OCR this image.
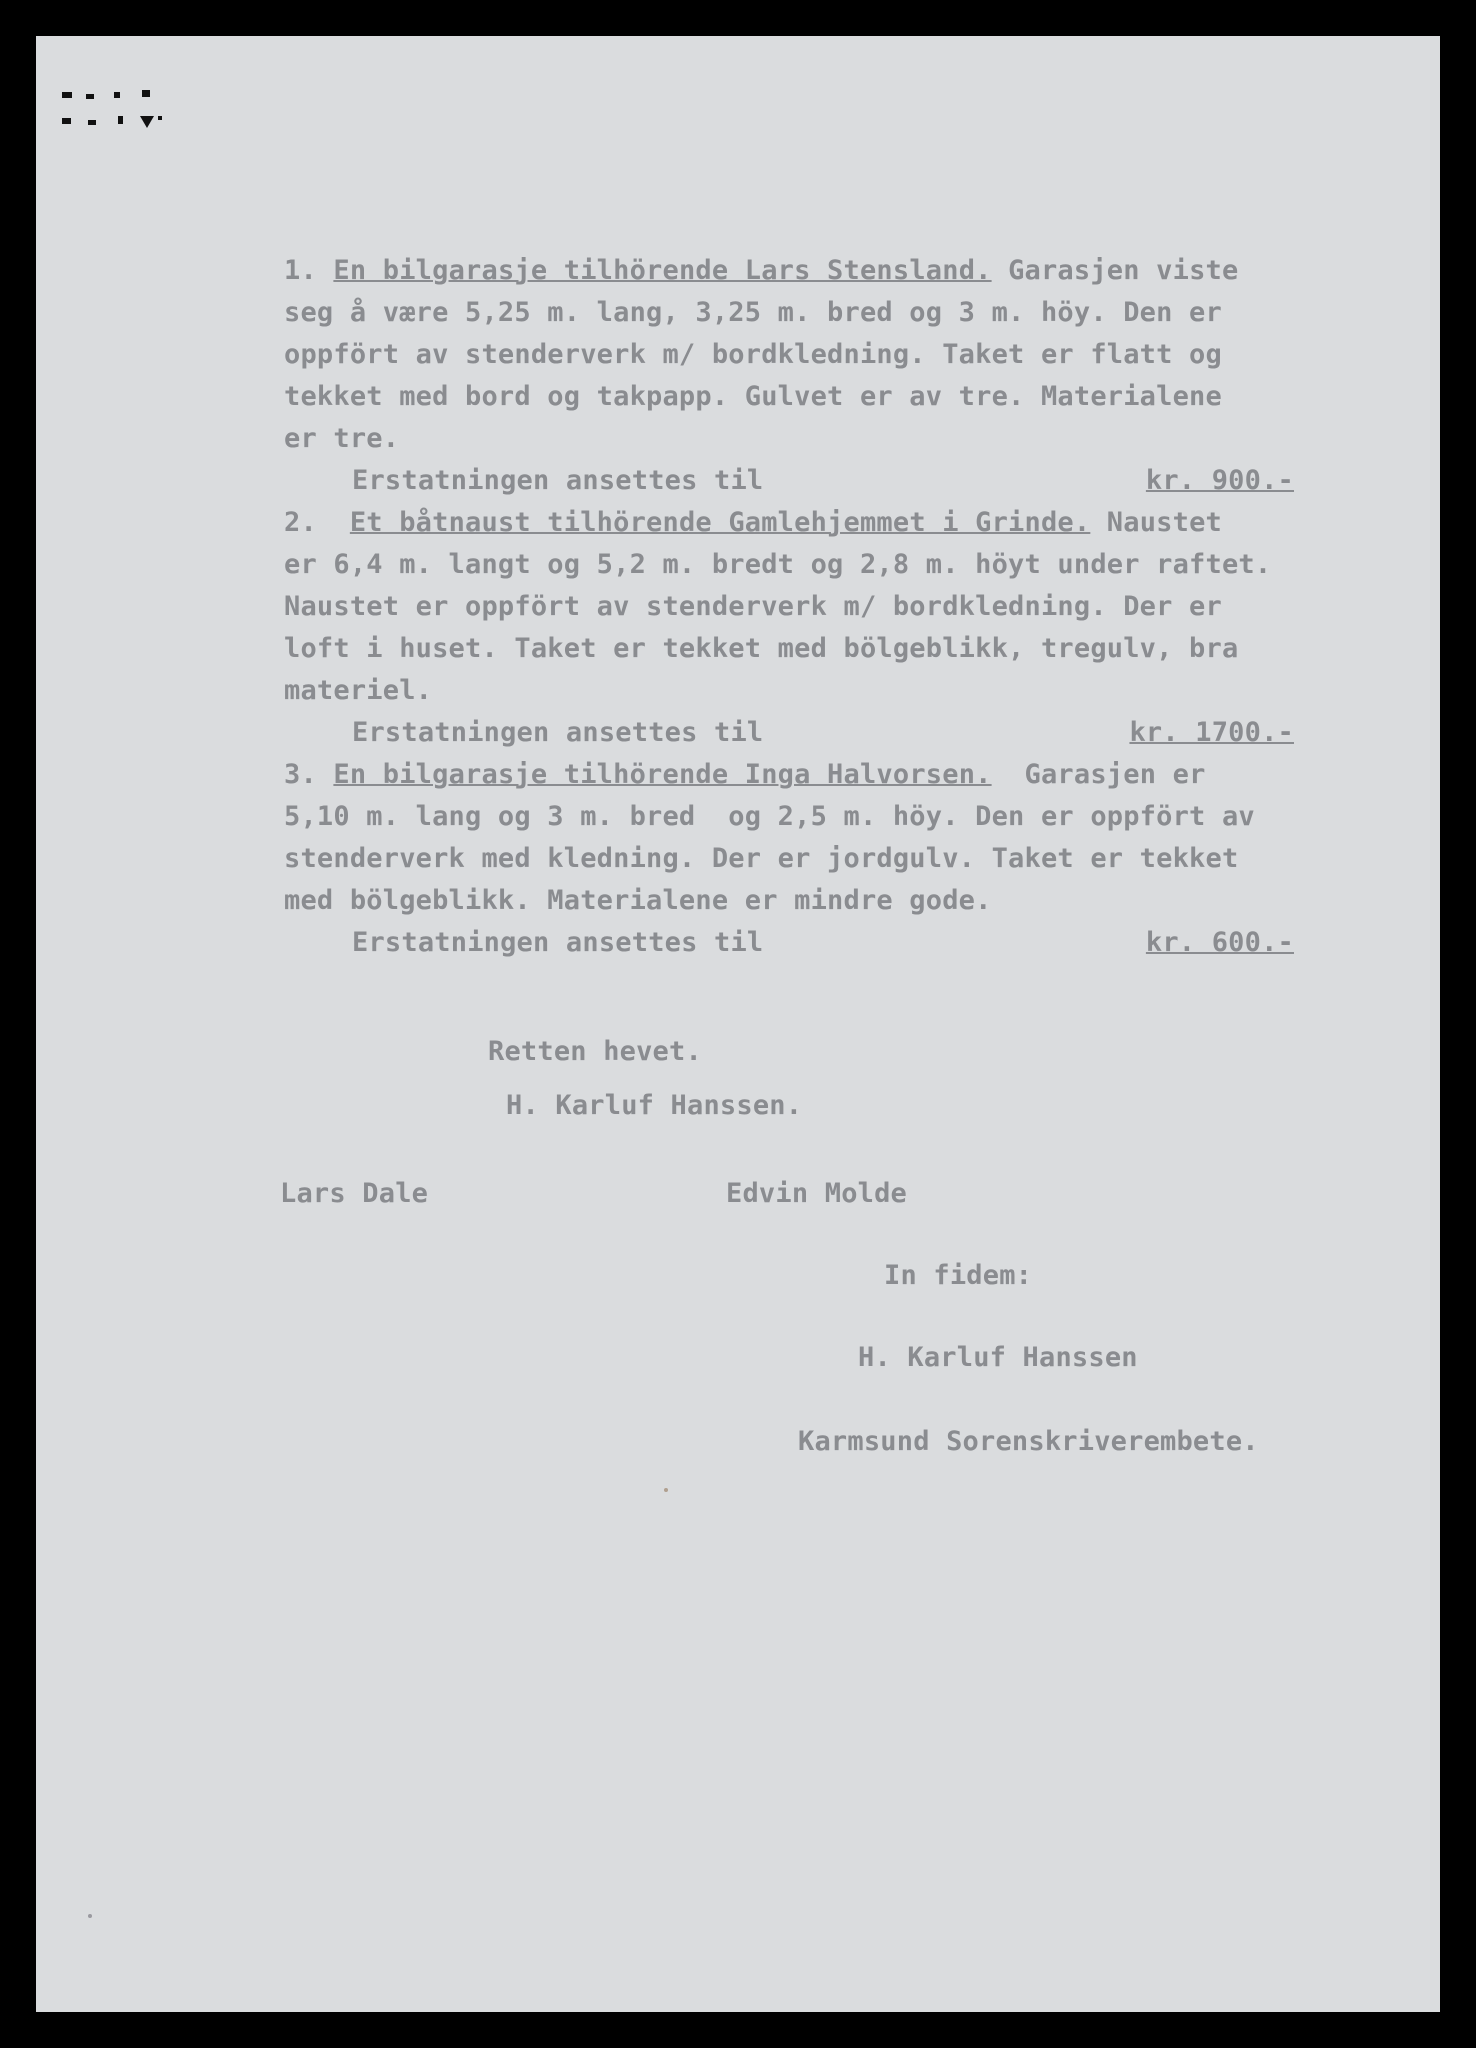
1. En bilgarasje tilhörende Lars Stensland. Garasjen viste
seg å være 5,25 m. lang, 3,25 m. bred og 3 m. höy. Den er
oppfört av stenderverk m/ bordkledning. Taket er flatt og
tekket med bord og takpapp. Gulvet er av tre. Materialene
er tre.
Erstatningen ansettes til	kr. 900.-
2. Et båtnaust tilhörende Gamlehjemmet i Grinde. Naustet
er 6,4 m. langt og 5,2 m. bredt og 2,8 m. höyt under raftet.
Naustet er oppfört av stenderverk m/ bordkledning. Der er
loft i huset. Taket er tekket med bölgeblikk, tregulv, bra
materiel.
Erstatningen ansettes til	kr. 1700.-
3. En bilgarasje tilhörende Inga Halvorsen.  Garasjen er
5,10 m. lang og 3 m. bred  og 2,5 m. höy. Den er oppfört av
stenderverk med kledning. Der er jordgulv. Taket er tekket
med bölgeblikk. Materialene er mindre gode.
Erstatningen ansettes til	kr. 600.-
Retten hevet.
H. Karluf Hanssen.
Lars Dale	Edvin Molde
In fidem:
H. Karluf Hanssen
Karmsund Sorenskriverembete.
